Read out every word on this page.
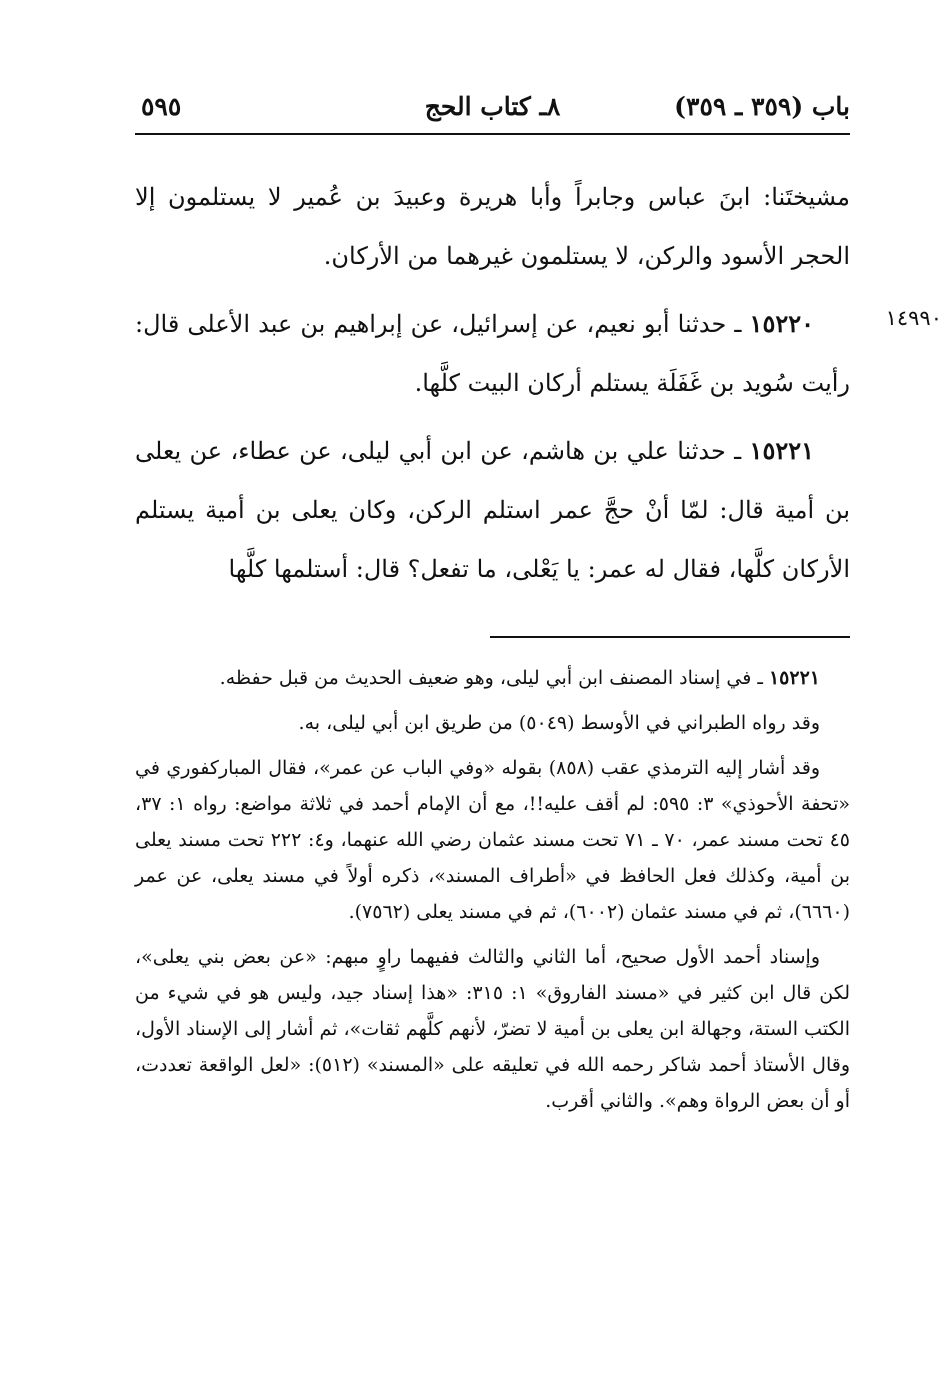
باب (٣٥٩ ـ ٣٥٩)
٨ـ كتاب الحج
٥٩٥
١٤٩٩٠

مشيختَنا: ابنَ عباس وجابراً وأبا هريرة وعبيدَ بن عُمير لا يستلمون إلا الحجر الأسود والركن، لا يستلمون غيرهما من الأركان.

١٥٢٢٠ ـ حدثنا أبو نعيم، عن إسرائيل، عن إبراهيم بن عبد الأعلى قال: رأيت سُويد بن غَفَلَة يستلم أركان البيت كلَّها.

١٥٢٢١ ـ حدثنا علي بن هاشم، عن ابن أبي ليلى، عن عطاء، عن يعلى بن أمية قال: لمّا أنْ حجَّ عمر استلم الركن، وكان يعلى بن أمية يستلم الأركان كلَّها، فقال له عمر: يا يَعْلى، ما تفعل؟ قال: أستلمها كلَّها

١٥٢٢١ ـ في إسناد المصنف ابن أبي ليلى، وهو ضعيف الحديث من قبل حفظه.

وقد رواه الطبراني في الأوسط (٥٠٤٩) من طريق ابن أبي ليلى، به.

وقد أشار إليه الترمذي عقب (٨٥٨) بقوله «وفي الباب عن عمر»، فقال المباركفوري في «تحفة الأحوذي» ٣: ٥٩٥: لم أقف عليه!!، مع أن الإمام أحمد في ثلاثة مواضع: رواه ١: ٣٧، ٤٥ تحت مسند عمر، ٧٠ ـ ٧١ تحت مسند عثمان رضي الله عنهما، و٤: ٢٢٢ تحت مسند يعلى بن أمية، وكذلك فعل الحافظ في «أطراف المسند»، ذكره أولاً في مسند يعلى، عن عمر (٦٦٦٠)، ثم في مسند عثمان (٦٠٠٢)، ثم في مسند يعلى (٧٥٦٢).

وإسناد أحمد الأول صحيح، أما الثاني والثالث ففيهما راوٍ مبهم: «عن بعض بني يعلى»، لكن قال ابن كثير في «مسند الفاروق» ١: ٣١٥: «هذا إسناد جيد، وليس هو في شيء من الكتب الستة، وجهالة ابن يعلى بن أمية لا تضرّ، لأنهم كلَّهم ثقات»، ثم أشار إلى الإسناد الأول، وقال الأستاذ أحمد شاكر رحمه الله في تعليقه على «المسند» (٥١٢): «لعل الواقعة تعددت، أو أن بعض الرواة وهم». والثاني أقرب.
